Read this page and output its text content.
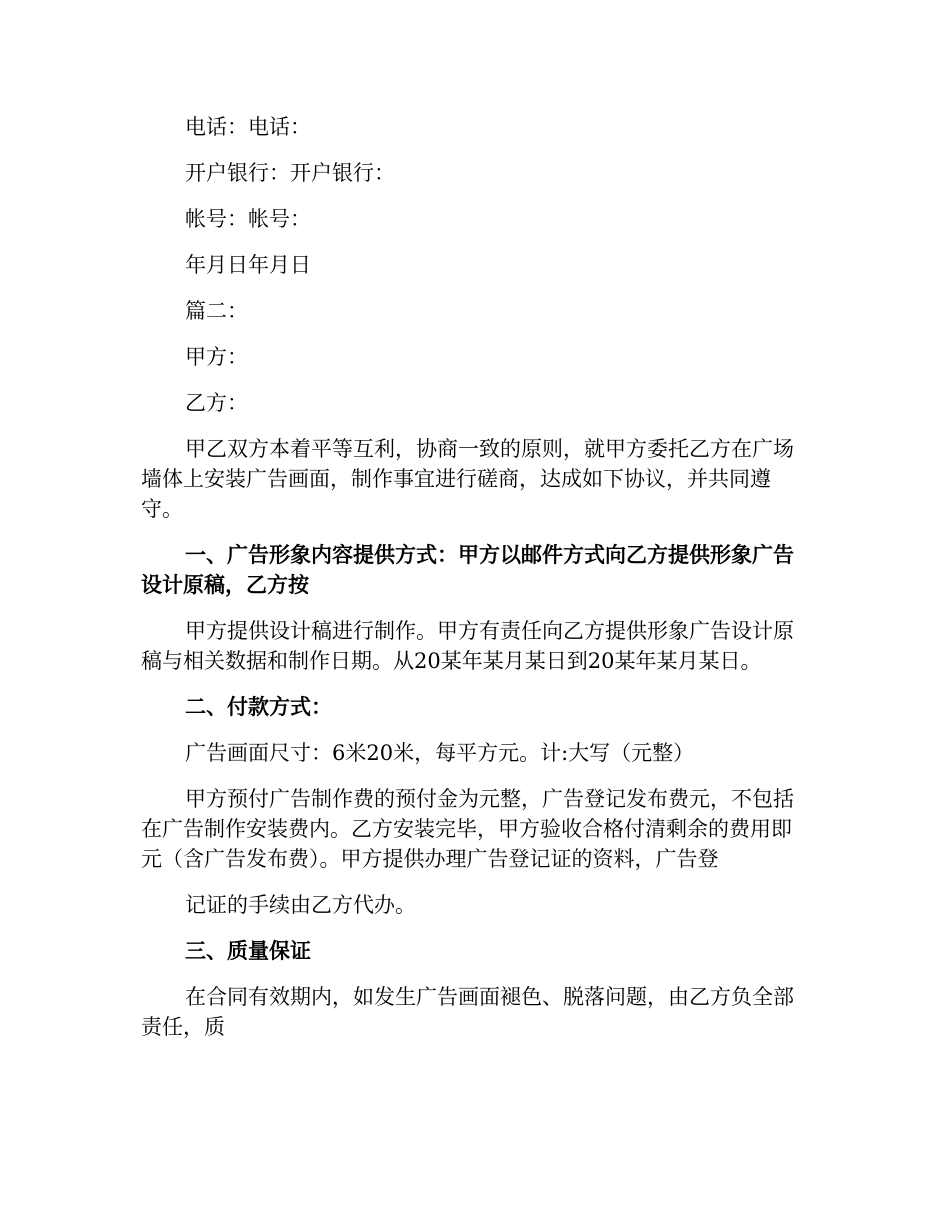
电话：电话：

开户银行：开户银行：

帐号：帐号：

年月日年月日

篇二：

甲方：

乙方：

甲乙双方本着平等互利，协商一致的原则，就甲方委托乙方在广场墙体上安装广告画面，制作事宜进行磋商，达成如下协议，并共同遵守。

一、广告形象内容提供方式：甲方以邮件方式向乙方提供形象广告设计原稿，乙方按

甲方提供设计稿进行制作。甲方有责任向乙方提供形象广告设计原稿与相关数据和制作日期。从20某年某月某日到20某年某月某日。

二、付款方式：

广告画面尺寸：6米20米，每平方元。计:大写（元整）

甲方预付广告制作费的预付金为元整，广告登记发布费元，不包括在广告制作安装费内。乙方安装完毕，甲方验收合格付清剩余的费用即元（含广告发布费）。甲方提供办理广告登记证的资料，广告登

记证的手续由乙方代办。

三、质量保证

在合同有效期内，如发生广告画面褪色、脱落问题，由乙方负全部责任，质
